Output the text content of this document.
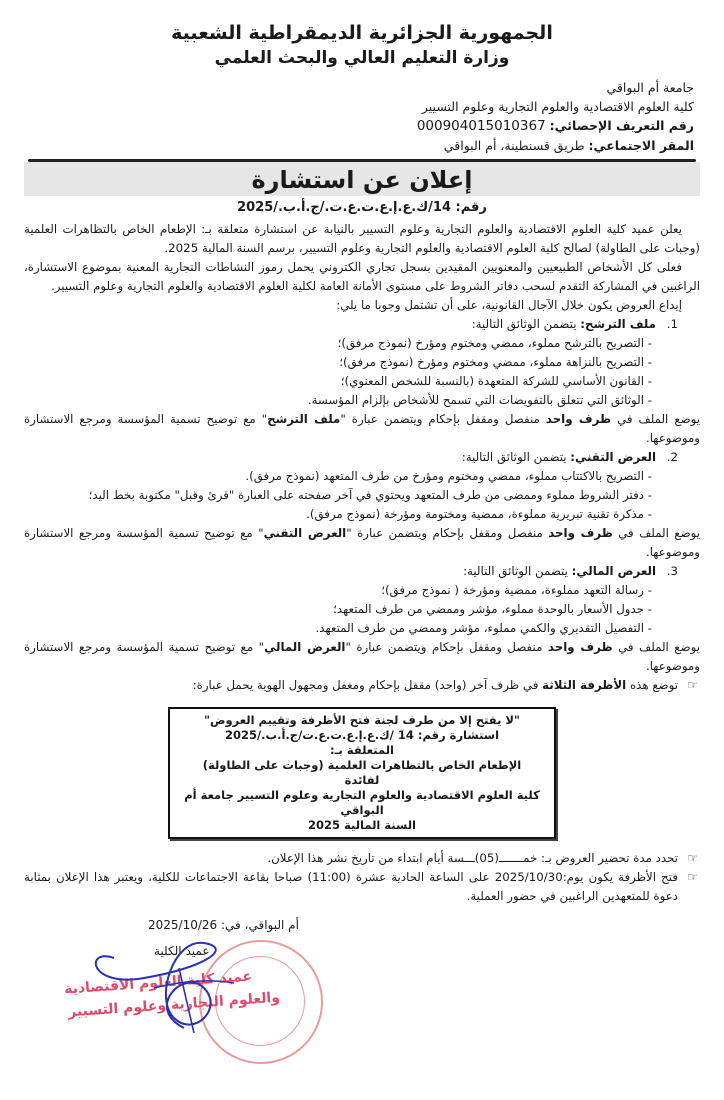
الجمهورية الجزائرية الديمقراطية الشعبية
وزارة التعليم العالي والبحث العلمي
جامعة أم البواقي
كلية العلوم الاقتصادية والعلوم التجارية وعلوم التسيير
رقم التعريف الإحصائي: 000904015010367
المقر الاجتماعي: طريق قسنطينة، أم البواقي
إعلان عن استشارة
رقم: 14/ك.ع.إ.ع.ت.ع.ت./ج.أ.ب./2025

يعلن عميد كلية العلوم الاقتصادية والعلوم التجارية وعلوم التسيير بالنيابة عن استشارة متعلقة بـ: الإطعام الخاص بالتظاهرات العلمية (وجبات على الطاولة) لصالح كلية العلوم الاقتصادية والعلوم التجارية وعلوم التسيير، برسم السنة المالية 2025.

فعلى كل الأشخاص الطبيعيين والمعنويين المقيدين بسجل تجاري الكتروني يحمل رموز النشاطات التجارية المعنية بموضوع الاستشارة، الراغبين في المشاركة التقدم لسحب دفاتر الشروط على مستوى الأمانة العامة لكلية العلوم الاقتصادية والعلوم التجارية وعلوم التسيير.

إيداع العروض يكون خلال الآجال القانونية، على أن تشتمل وجوبا ما يلي:

1.ملف الترشح: يتضمن الوثائق التالية:

- التصريح بالترشح مملوء، ممضي ومختوم ومؤرخ (نموذج مرفق)؛

- التصريح بالنزاهة مملوء، ممضي ومختوم ومؤرخ (نموذج مرفق)؛

- القانون الأساسي للشركة المتعهدة (بالنسبة للشخص المعنوي)؛

- الوثائق التي تتعلق بالتفويضات التي تسمح للأشخاص بإلزام المؤسسة.

يوضع الملف في ظرف واحد منفصل ومقفل بإحكام ويتضمن عبارة "ملف الترشح" مع توضيح تسمية المؤسسة ومرجع الاستشارة وموضوعها.

2.العرض التقني: يتضمن الوثائق التالية:

- التصريح بالاكتتاب مملوء، ممضي ومختوم ومؤرخ من طرف المتعهد (نموذج مرفق).

- دفتر الشروط مملوء وممضى من طرف المتعهد ويحتوي في آخر صفحته على العبارة "قرئ وقبل" مكتوبة بخط اليد؛

- مذكرة تقنية تبريرية مملوءة، ممضية ومختومة ومؤرخة (نموذج مرفق).

يوضع الملف في ظرف واحد منفصل ومقفل بإحكام ويتضمن عبارة "العرض التقني" مع توضيح تسمية المؤسسة ومرجع الاستشارة وموضوعها.

3.العرض المالي: يتضمن الوثائق التالية:

- رسالة التعهد مملوءة، ممضية ومؤرخة ( نموذج مرفق)؛

- جدول الأسعار بالوحدة مملوء، مؤشر وممضي من طرف المتعهد؛

- التفصيل التقديري والكمي مملوء، مؤشر وممضي من طرف المتعهد.

يوضع الملف في ظرف واحد منفصل ومقفل بإحكام ويتضمن عبارة "العرض المالي" مع توضيح تسمية المؤسسة ومرجع الاستشارة وموضوعها.

☞
توضع هذه الأظرفة الثلاثة في ظرف آخر (واحد) مقفل بإحكام ومغفل ومجهول الهوية يحمل عبارة:

"لا يفتح إلا من طرف لجنة فتح الأظرفة وتقييم العروض"
استشارة رقم: 14 /ك.ع.إ.ع.ت.ع.ت/ج.أ.ب./2025
المتعلقة بـ:
الإطعام الخاص بالتظاهرات العلمية (وجبات على الطاولة)
لفائدة
كلية العلوم الاقتصادية والعلوم التجارية وعلوم التسيير جامعة أم البواقي
السنة المالية 2025

☞
تحدد مدة تحضير العروض بـ: خمـــــــ(05)ـــسة أيام ابتداء من تاريخ نشر هذا الإعلان.

☞
فتح الأظرفة يكون يوم:2025/10/30 على الساعة الحادية عشرة (11:00) صباحا بقاعة الاجتماعات للكلية، ويعتبر هذا الإعلان بمثابة دعوة للمتعهدين الراغبين في حضور العملية.

أم البواقي، في: 2025/10/26
عميد الكلية
عميد كلية العلوم الاقتصادية
والعلوم التجارية وعلوم التسيير
